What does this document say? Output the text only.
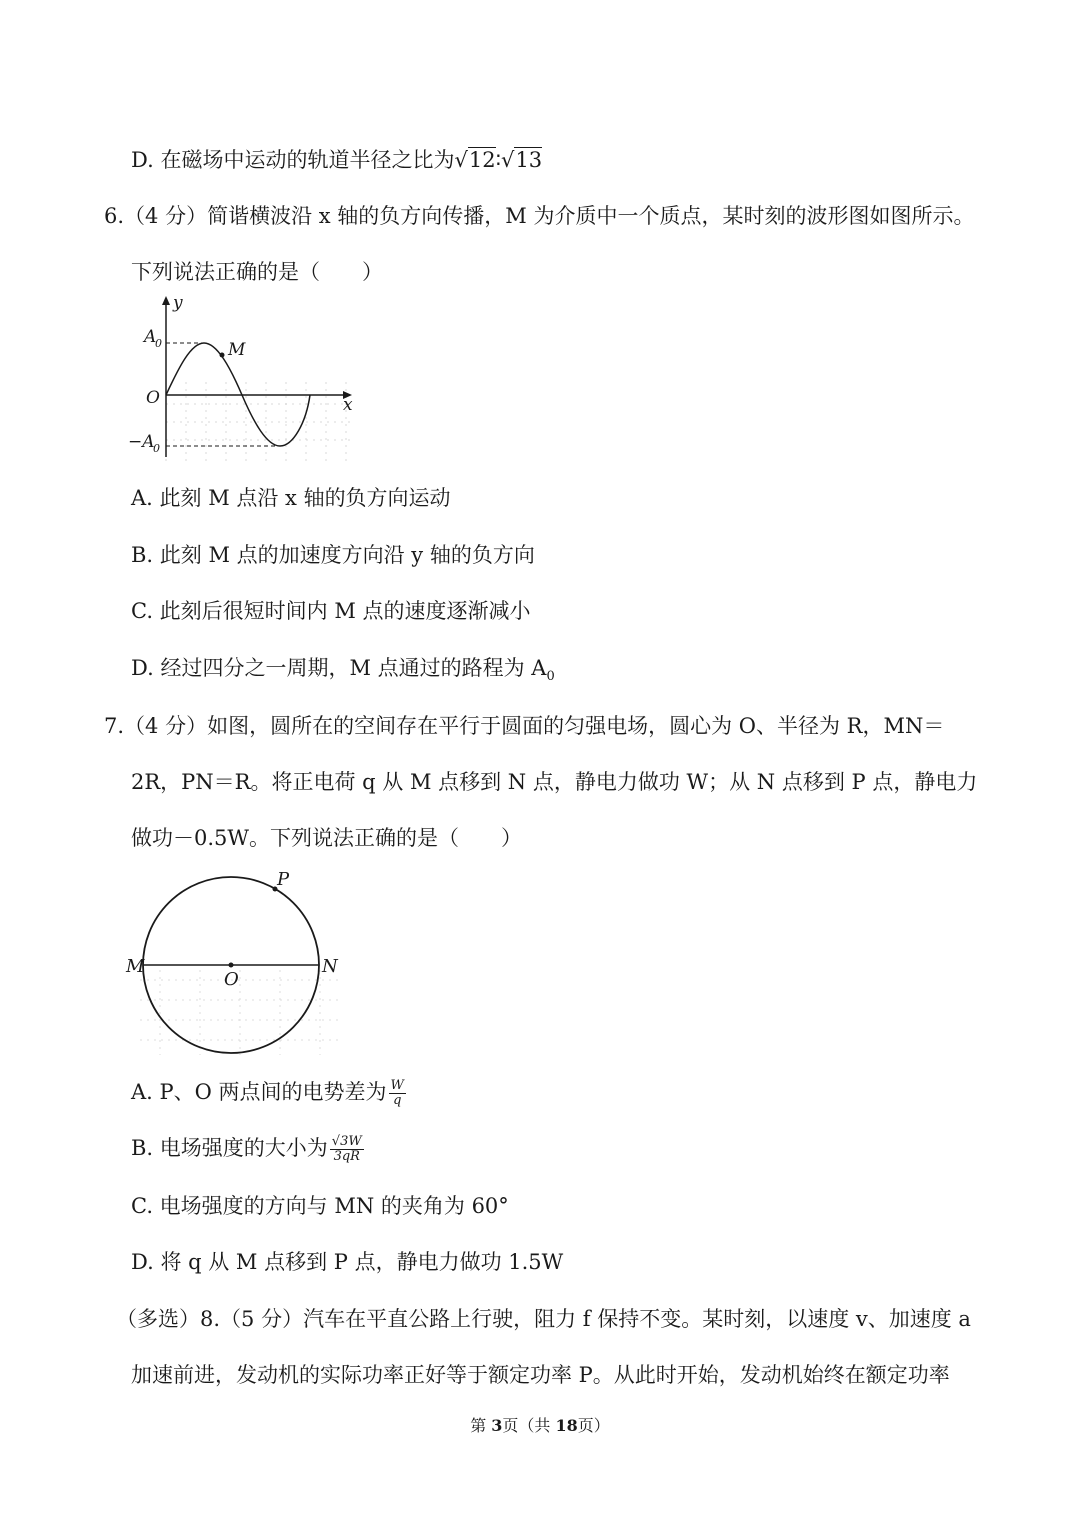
D. 在磁场中运动的轨道半径之比为√12∶√13
6.（4 分）简谐横波沿 x 轴的负方向传播，M 为介质中一个质点，某时刻的波形图如图所示。
下列说法正确的是（　　）
y
x
O
A
0
−A
0
M
A. 此刻 M 点沿 x 轴的负方向运动
B. 此刻 M 点的加速度方向沿 y 轴的负方向
C. 此刻后很短时间内 M 点的速度逐渐减小
D. 经过四分之一周期，M 点通过的路程为 $A_0$
7.（4 分）如图，圆所在的空间存在平行于圆面的匀强电场，圆心为 O、半径为 R，MN＝
2R，PN＝R。将正电荷 q 从 M 点移到 N 点，静电力做功 W；从 N 点移到 P 点，静电力
做功－0.5W。下列说法正确的是（　　）
P
M	N
O
A. P、O 两点间的电势差为 $\frac{W}{q}$
B. 电场强度的大小为 $\frac{√3W}{3qR}$
C. 电场强度的方向与 MN 的夹角为 60°
D. 将 q 从 M 点移到 P 点，静电力做功 1.5W
（多选）8.（5 分）汽车在平直公路上行驶，阻力 f 保持不变。某时刻，以速度 v、加速度 a
加速前进，发动机的实际功率正好等于额定功率 P。从此时开始，发动机始终在额定功率
第 3页（共 18页）
